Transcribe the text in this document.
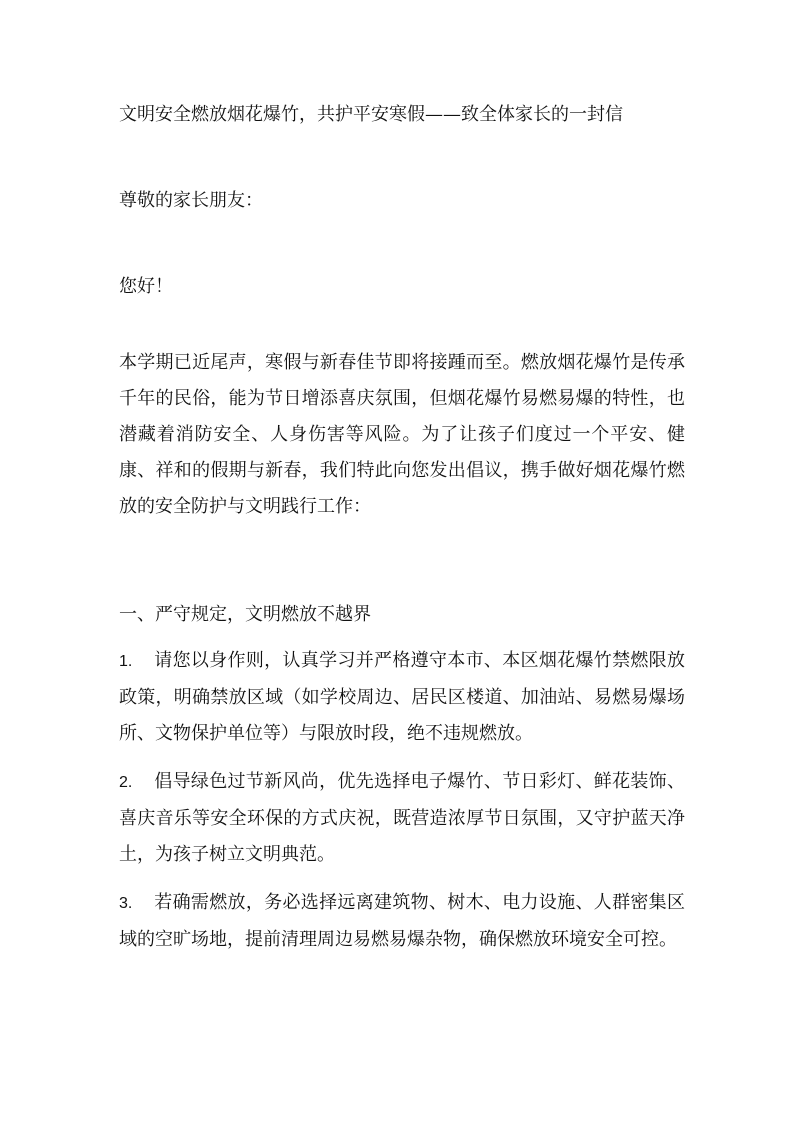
文明安全燃放烟花爆竹，共护平安寒假——致全体家长的一封信
尊敬的家长朋友：
您好！
本学期已近尾声，寒假与新春佳节即将接踵而至。燃放烟花爆竹是传承千年的民俗，能为节日增添喜庆氛围，但烟花爆竹易燃易爆的特性，也潜藏着消防安全、人身伤害等风险。为了让孩子们度过一个平安、健康、祥和的假期与新春，我们特此向您发出倡议，携手做好烟花爆竹燃放的安全防护与文明践行工作：
一、严守规定，文明燃放不越界
1. 请您以身作则，认真学习并严格遵守本市、本区烟花爆竹禁燃限放政策，明确禁放区域（如学校周边、居民区楼道、加油站、易燃易爆场所、文物保护单位等）与限放时段，绝不违规燃放。
2. 倡导绿色过节新风尚，优先选择电子爆竹、节日彩灯、鲜花装饰、喜庆音乐等安全环保的方式庆祝，既营造浓厚节日氛围，又守护蓝天净土，为孩子树立文明典范。
3. 若确需燃放，务必选择远离建筑物、树木、电力设施、人群密集区域的空旷场地，提前清理周边易燃易爆杂物，确保燃放环境安全可控。
